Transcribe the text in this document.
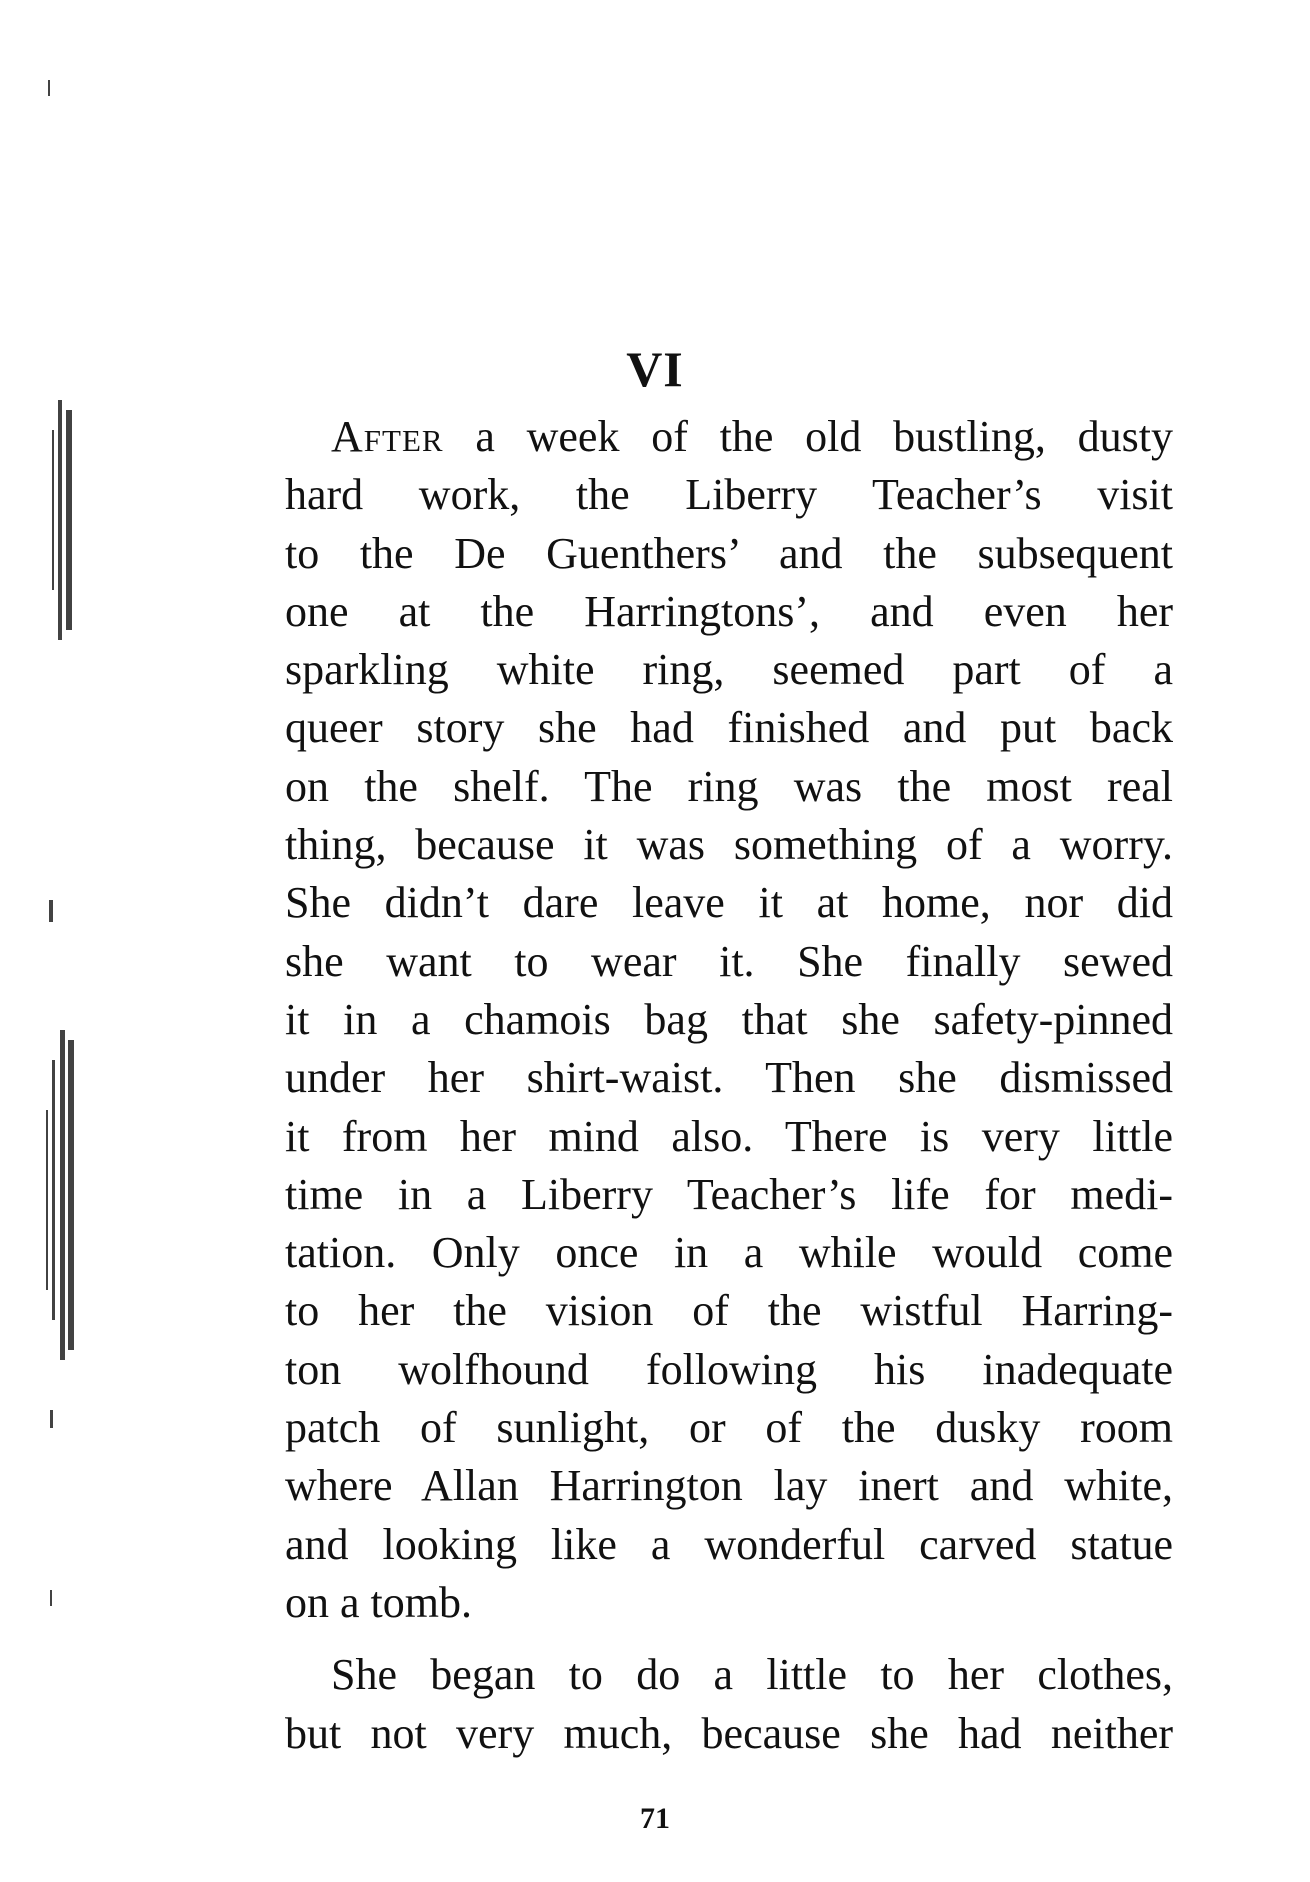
VI

After a week of the old bustling, dusty
hard work, the Liberry Teacher’s visit
to the De Guenthers’ and the subsequent
one at the Harringtons’, and even her
sparkling white ring, seemed part of a
queer story she had finished and put back
on the shelf. The ring was the most real
thing, because it was something of a worry.
She didn’t dare leave it at home, nor did
she want to wear it. She finally sewed
it in a chamois bag that she safety-pinned
under her shirt-waist. Then she dismissed
it from her mind also. There is very little
time in a Liberry Teacher’s life for medi-
tation. Only once in a while would come
to her the vision of the wistful Harring-
ton wolfhound following his inadequate
patch of sunlight, or of the dusky room
where Allan Harrington lay inert and white,
and looking like a wonderful carved statue
on a tomb.

She began to do a little to her clothes,
but not very much, because she had neither

71
